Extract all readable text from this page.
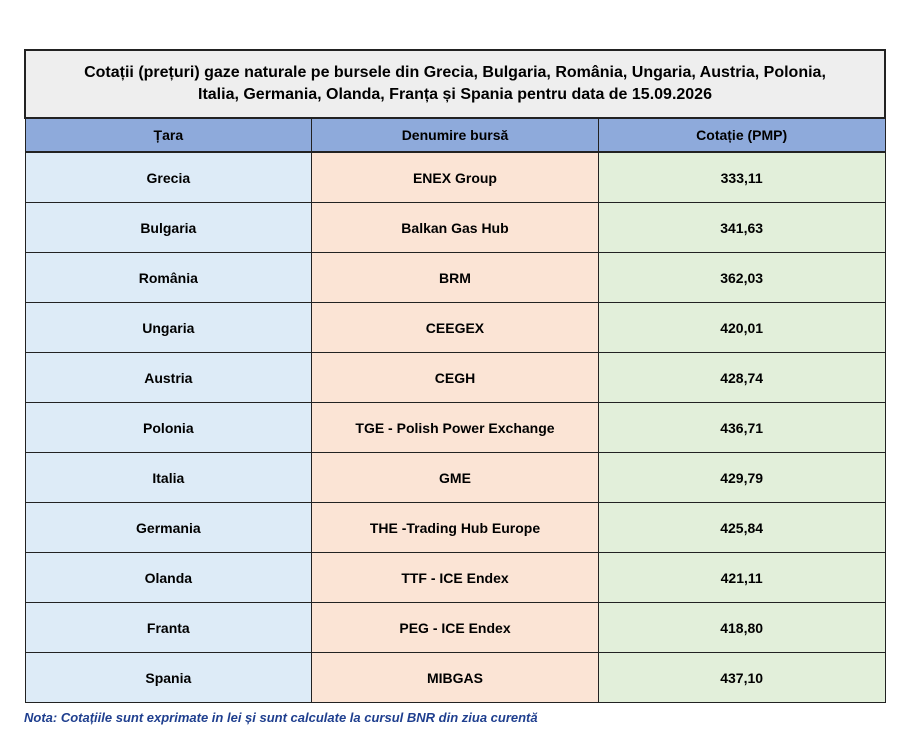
Cotații (prețuri) gaze naturale pe bursele din Grecia, Bulgaria, România, Ungaria, Austria, Polonia,
Italia, Germania, Olanda, Franța și Spania pentru data de 15.09.2026		

Țara	Denumire bursă	Cotație (PMP)
Grecia	ENEX Group	333,11
Bulgaria	Balkan Gas Hub	341,63
România	BRM	362,03
Ungaria	CEEGEX	420,01
Austria	CEGH	428,74
Polonia	TGE - Polish Power Exchange	436,71
Italia	GME	429,79
Germania	THE -Trading Hub Europe	425,84
Olanda	TTF - ICE Endex	421,11
Franta	PEG - ICE Endex	418,80
Spania	MIBGAS	437,10
Nota: Cotațiile sunt exprimate in lei și sunt calculate la cursul BNR din ziua curentă
